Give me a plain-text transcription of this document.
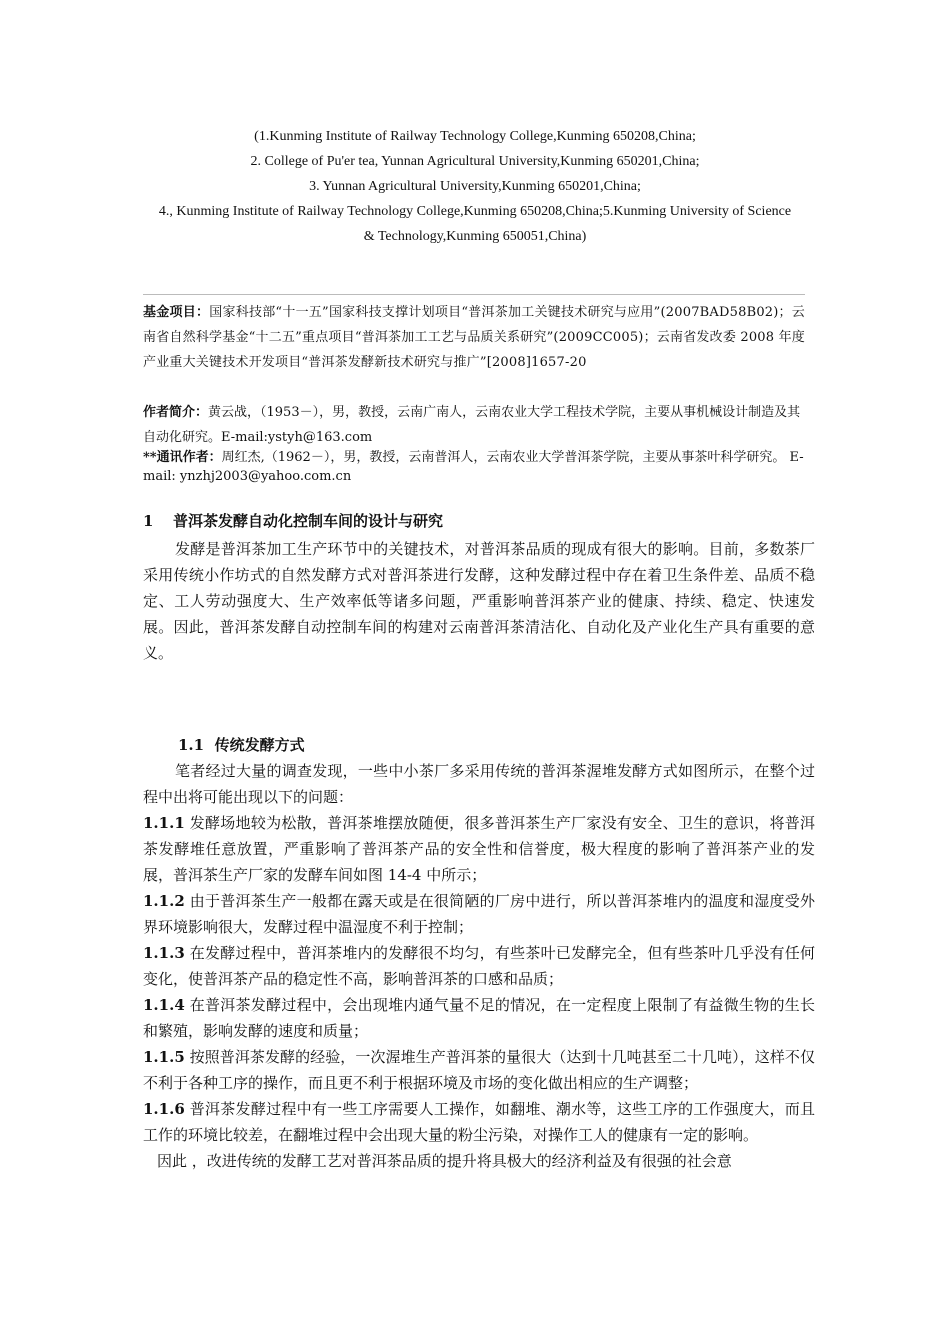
(1.Kunming Institute of Railway Technology College,Kunming 650208,China;

2. College of Pu'er tea, Yunnan Agricultural University,Kunming 650201,China;

3. Yunnan Agricultural University,Kunming 650201,China;

4., Kunming Institute of Railway Technology College,Kunming 650208,China;5.Kunming University of Science

& Technology,Kunming 650051,China)

基金项目：国家科技部“十一五”国家科技支撑计划项目“普洱茶加工关键技术研究与应用”(2007BAD58B02)；云南省自然科学基金“十二五”重点项目“普洱茶加工工艺与品质关系研究”(2009CC005)；云南省发改委 2008 年度产业重大关键技术开发项目“普洱茶发酵新技术研究与推广”[2008]1657-20
作者简介：黄云战，（1953－），男，教授，云南广南人，云南农业大学工程技术学院，主要从事机械设计制造及其自动化研究。E-mail:ystyh@163.com
**通讯作者：周红杰,（1962－），男，教授，云南普洱人，云南农业大学普洱茶学院，主要从事茶叶科学研究。 E-mail: ynzhj2003@yahoo.com.cn
1 普洱茶发酵自动化控制车间的设计与研究

发酵是普洱茶加工生产环节中的关键技术，对普洱茶品质的现成有很大的影响。目前，多数茶厂采用传统小作坊式的自然发酵方式对普洱茶进行发酵，这种发酵过程中存在着卫生条件差、品质不稳定、工人劳动强度大、生产效率低等诸多问题，严重影响普洱茶产业的健康、持续、稳定、快速发展。因此，普洱茶发酵自动控制车间的构建对云南普洱茶清洁化、自动化及产业化生产具有重要的意义。

1.1 传统发酵方式

笔者经过大量的调查发现，一些中小茶厂多采用传统的普洱茶渥堆发酵方式如图所示，在整个过程中出将可能出现以下的问题：

1.1.1 发酵场地较为松散，普洱茶堆摆放随便，很多普洱茶生产厂家没有安全、卫生的意识，将普洱茶发酵堆任意放置，严重影响了普洱茶产品的安全性和信誉度，极大程度的影响了普洱茶产业的发展，普洱茶生产厂家的发酵车间如图 14-4 中所示；

1.1.2 由于普洱茶生产一般都在露天或是在很简陋的厂房中进行，所以普洱茶堆内的温度和湿度受外界环境影响很大，发酵过程中温湿度不利于控制；

1.1.3 在发酵过程中，普洱茶堆内的发酵很不均匀，有些茶叶已发酵完全，但有些茶叶几乎没有任何变化，使普洱茶产品的稳定性不高，影响普洱茶的口感和品质；

1.1.4 在普洱茶发酵过程中，会出现堆内通气量不足的情况，在一定程度上限制了有益微生物的生长和繁殖，影响发酵的速度和质量；

1.1.5 按照普洱茶发酵的经验，一次渥堆生产普洱茶的量很大（达到十几吨甚至二十几吨），这样不仅不利于各种工序的操作，而且更不利于根据环境及市场的变化做出相应的生产调整；

1.1.6 普洱茶发酵过程中有一些工序需要人工操作，如翻堆、潮水等，这些工序的工作强度大，而且工作的环境比较差，在翻堆过程中会出现大量的粉尘污染，对操作工人的健康有一定的影响。

因此 ，改进传统的发酵工艺对普洱茶品质的提升将具极大的经济利益及有很强的社会意
